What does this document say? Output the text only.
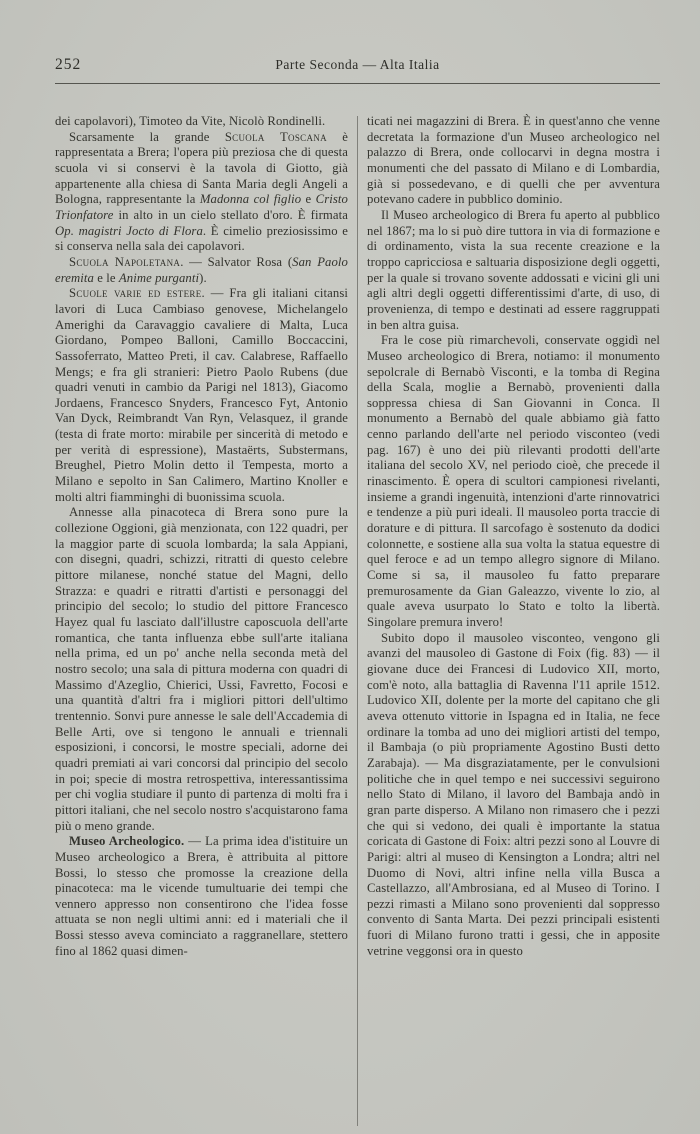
252	Parte Seconda — Alta Italia

dei capolavori), Timoteo da Vite, Nicolò Rondinelli.

Scarsamente la grande Scuola Toscana è rappresentata a Brera; l'opera più preziosa che di questa scuola vi si conservi è la tavola di Giotto, già appartenente alla chiesa di Santa Maria degli Angeli a Bologna, rappresentante la Madonna col figlio e Cristo Trionfatore in alto in un cielo stellato d'oro. È firmata Op. magistri Jocto di Flora. È cimelio preziosissimo e si conserva nella sala dei capolavori.

Scuola Napoletana. — Salvator Rosa (San Paolo eremita e le Anime purganti).

Scuole varie ed estere. — Fra gli italiani citansi lavori di Luca Cambiaso genovese, Michelangelo Amerighi da Caravaggio cavaliere di Malta, Luca Giordano, Pompeo Balloni, Camillo Boccaccini, Sassoferrato, Matteo Preti, il cav. Calabrese, Raffaello Mengs; e fra gli stranieri: Pietro Paolo Rubens (due quadri venuti in cambio da Parigi nel 1813), Giacomo Jordaens, Francesco Snyders, Francesco Fyt, Antonio Van Dyck, Reimbrandt Van Ryn, Velasquez, il grande (testa di frate morto: mirabile per sincerità di metodo e per verità di espressione), Mastaërts, Substermans, Breughel, Pietro Molin detto il Tempesta, morto a Milano e sepolto in San Calimero, Martino Knoller e molti altri fiamminghi di buonissima scuola.

Annesse alla pinacoteca di Brera sono pure la collezione Oggioni, già menzionata, con 122 quadri, per la maggior parte di scuola lombarda; la sala Appiani, con disegni, quadri, schizzi, ritratti di questo celebre pittore milanese, nonché statue del Magni, dello Strazza: e quadri e ritratti d'artisti e personaggi del principio del secolo; lo studio del pittore Francesco Hayez qual fu lasciato dall'illustre caposcuola dell'arte romantica, che tanta influenza ebbe sull'arte italiana nella prima, ed un po' anche nella seconda metà del nostro secolo; una sala di pittura moderna con quadri di Massimo d'Azeglio, Chierici, Ussi, Favretto, Focosi e una quantità d'altri fra i migliori pittori dell'ultimo trentennio. Sonvi pure annesse le sale dell'Accademia di Belle Arti, ove si tengono le annuali e triennali esposizioni, i concorsi, le mostre speciali, adorne dei quadri premiati ai vari concorsi dal principio del secolo in poi; specie di mostra retrospettiva, interessantissima per chi voglia studiare il punto di partenza di molti fra i pittori italiani, che nel secolo nostro s'acquistarono fama più o meno grande.

Museo Archeologico. — La prima idea d'istituire un Museo archeologico a Brera, è attribuita al pittore Bossi, lo stesso che promosse la creazione della pinacoteca: ma le vicende tumultuarie dei tempi che vennero appresso non consentirono che l'idea fosse attuata se non negli ultimi anni: ed i materiali che il Bossi stesso aveva cominciato a raggranellare, stettero fino al 1862 quasi dimen-

ticati nei magazzini di Brera. È in quest'anno che venne decretata la formazione d'un Museo archeologico nel palazzo di Brera, onde collocarvi in degna mostra i monumenti che del passato di Milano e di Lombardia, già si possedevano, e di quelli che per avventura potevano cadere in pubblico dominio.

Il Museo archeologico di Brera fu aperto al pubblico nel 1867; ma lo si può dire tuttora in via di formazione e di ordinamento, vista la sua recente creazione e la troppo capricciosa e saltuaria disposizione degli oggetti, per la quale si trovano sovente addossati e vicini gli uni agli altri degli oggetti differentissimi d'arte, di uso, di provenienza, di tempo e destinati ad essere raggruppati in ben altra guisa.

Fra le cose più rimarchevoli, conservate oggidì nel Museo archeologico di Brera, notiamo: il monumento sepolcrale di Bernabò Visconti, e la tomba di Regina della Scala, moglie a Bernabò, provenienti dalla soppressa chiesa di San Giovanni in Conca. Il monumento a Bernabò del quale abbiamo già fatto cenno parlando dell'arte nel periodo visconteo (vedi pag. 167) è uno dei più rilevanti prodotti dell'arte italiana del secolo XV, nel periodo cioè, che precede il rinascimento. È opera di scultori campionesi rivelanti, insieme a grandi ingenuità, intenzioni d'arte rinnovatrici e tendenze a più puri ideali. Il mausoleo porta traccie di dorature e di pittura. Il sarcofago è sostenuto da dodici colonnette, e sostiene alla sua volta la statua equestre di quel feroce e ad un tempo allegro signore di Milano. Come si sa, il mausoleo fu fatto preparare premurosamente da Gian Galeazzo, vivente lo zio, al quale aveva usurpato lo Stato e tolto la libertà. Singolare premura invero!

Subito dopo il mausoleo visconteo, vengono gli avanzi del mausoleo di Gastone di Foix (fig. 83) — il giovane duce dei Francesi di Ludovico XII, morto, com'è noto, alla battaglia di Ravenna l'11 aprile 1512. Ludovico XII, dolente per la morte del capitano che gli aveva ottenuto vittorie in Ispagna ed in Italia, ne fece ordinare la tomba ad uno dei migliori artisti del tempo, il Bambaja (o più propriamente Agostino Busti detto Zarabaja). — Ma disgraziatamente, per le convulsioni politiche che in quel tempo e nei successivi seguirono nello Stato di Milano, il lavoro del Bambaja andò in gran parte disperso. A Milano non rimasero che i pezzi che qui si vedono, dei quali è importante la statua coricata di Gastone di Foix: altri pezzi sono al Louvre di Parigi: altri al museo di Kensington a Londra; altri nel Duomo di Novi, altri infine nella villa Busca a Castellazzo, all'Ambrosiana, ed al Museo di Torino. I pezzi rimasti a Milano sono provenienti dal soppresso convento di Santa Marta. Dei pezzi principali esistenti fuori di Milano furono tratti i gessi, che in apposite vetrine veggonsi ora in questo
